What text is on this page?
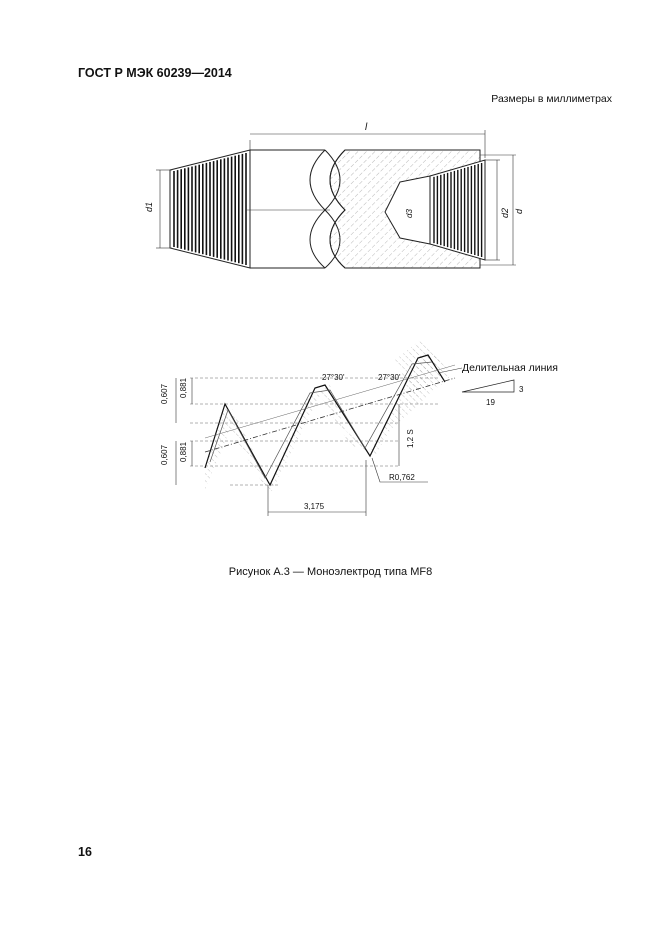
ГОСТ Р МЭК 60239—2014
Размеры в миллиметрах
l
d1
d3	d2 d
3
19
Делительная линия
27°30'	27°30'
0,607 0,881
0,607 0,881
1,2 S
R0,762
3,175
Рисунок А.3 — Моноэлектрод типа MF8
16
